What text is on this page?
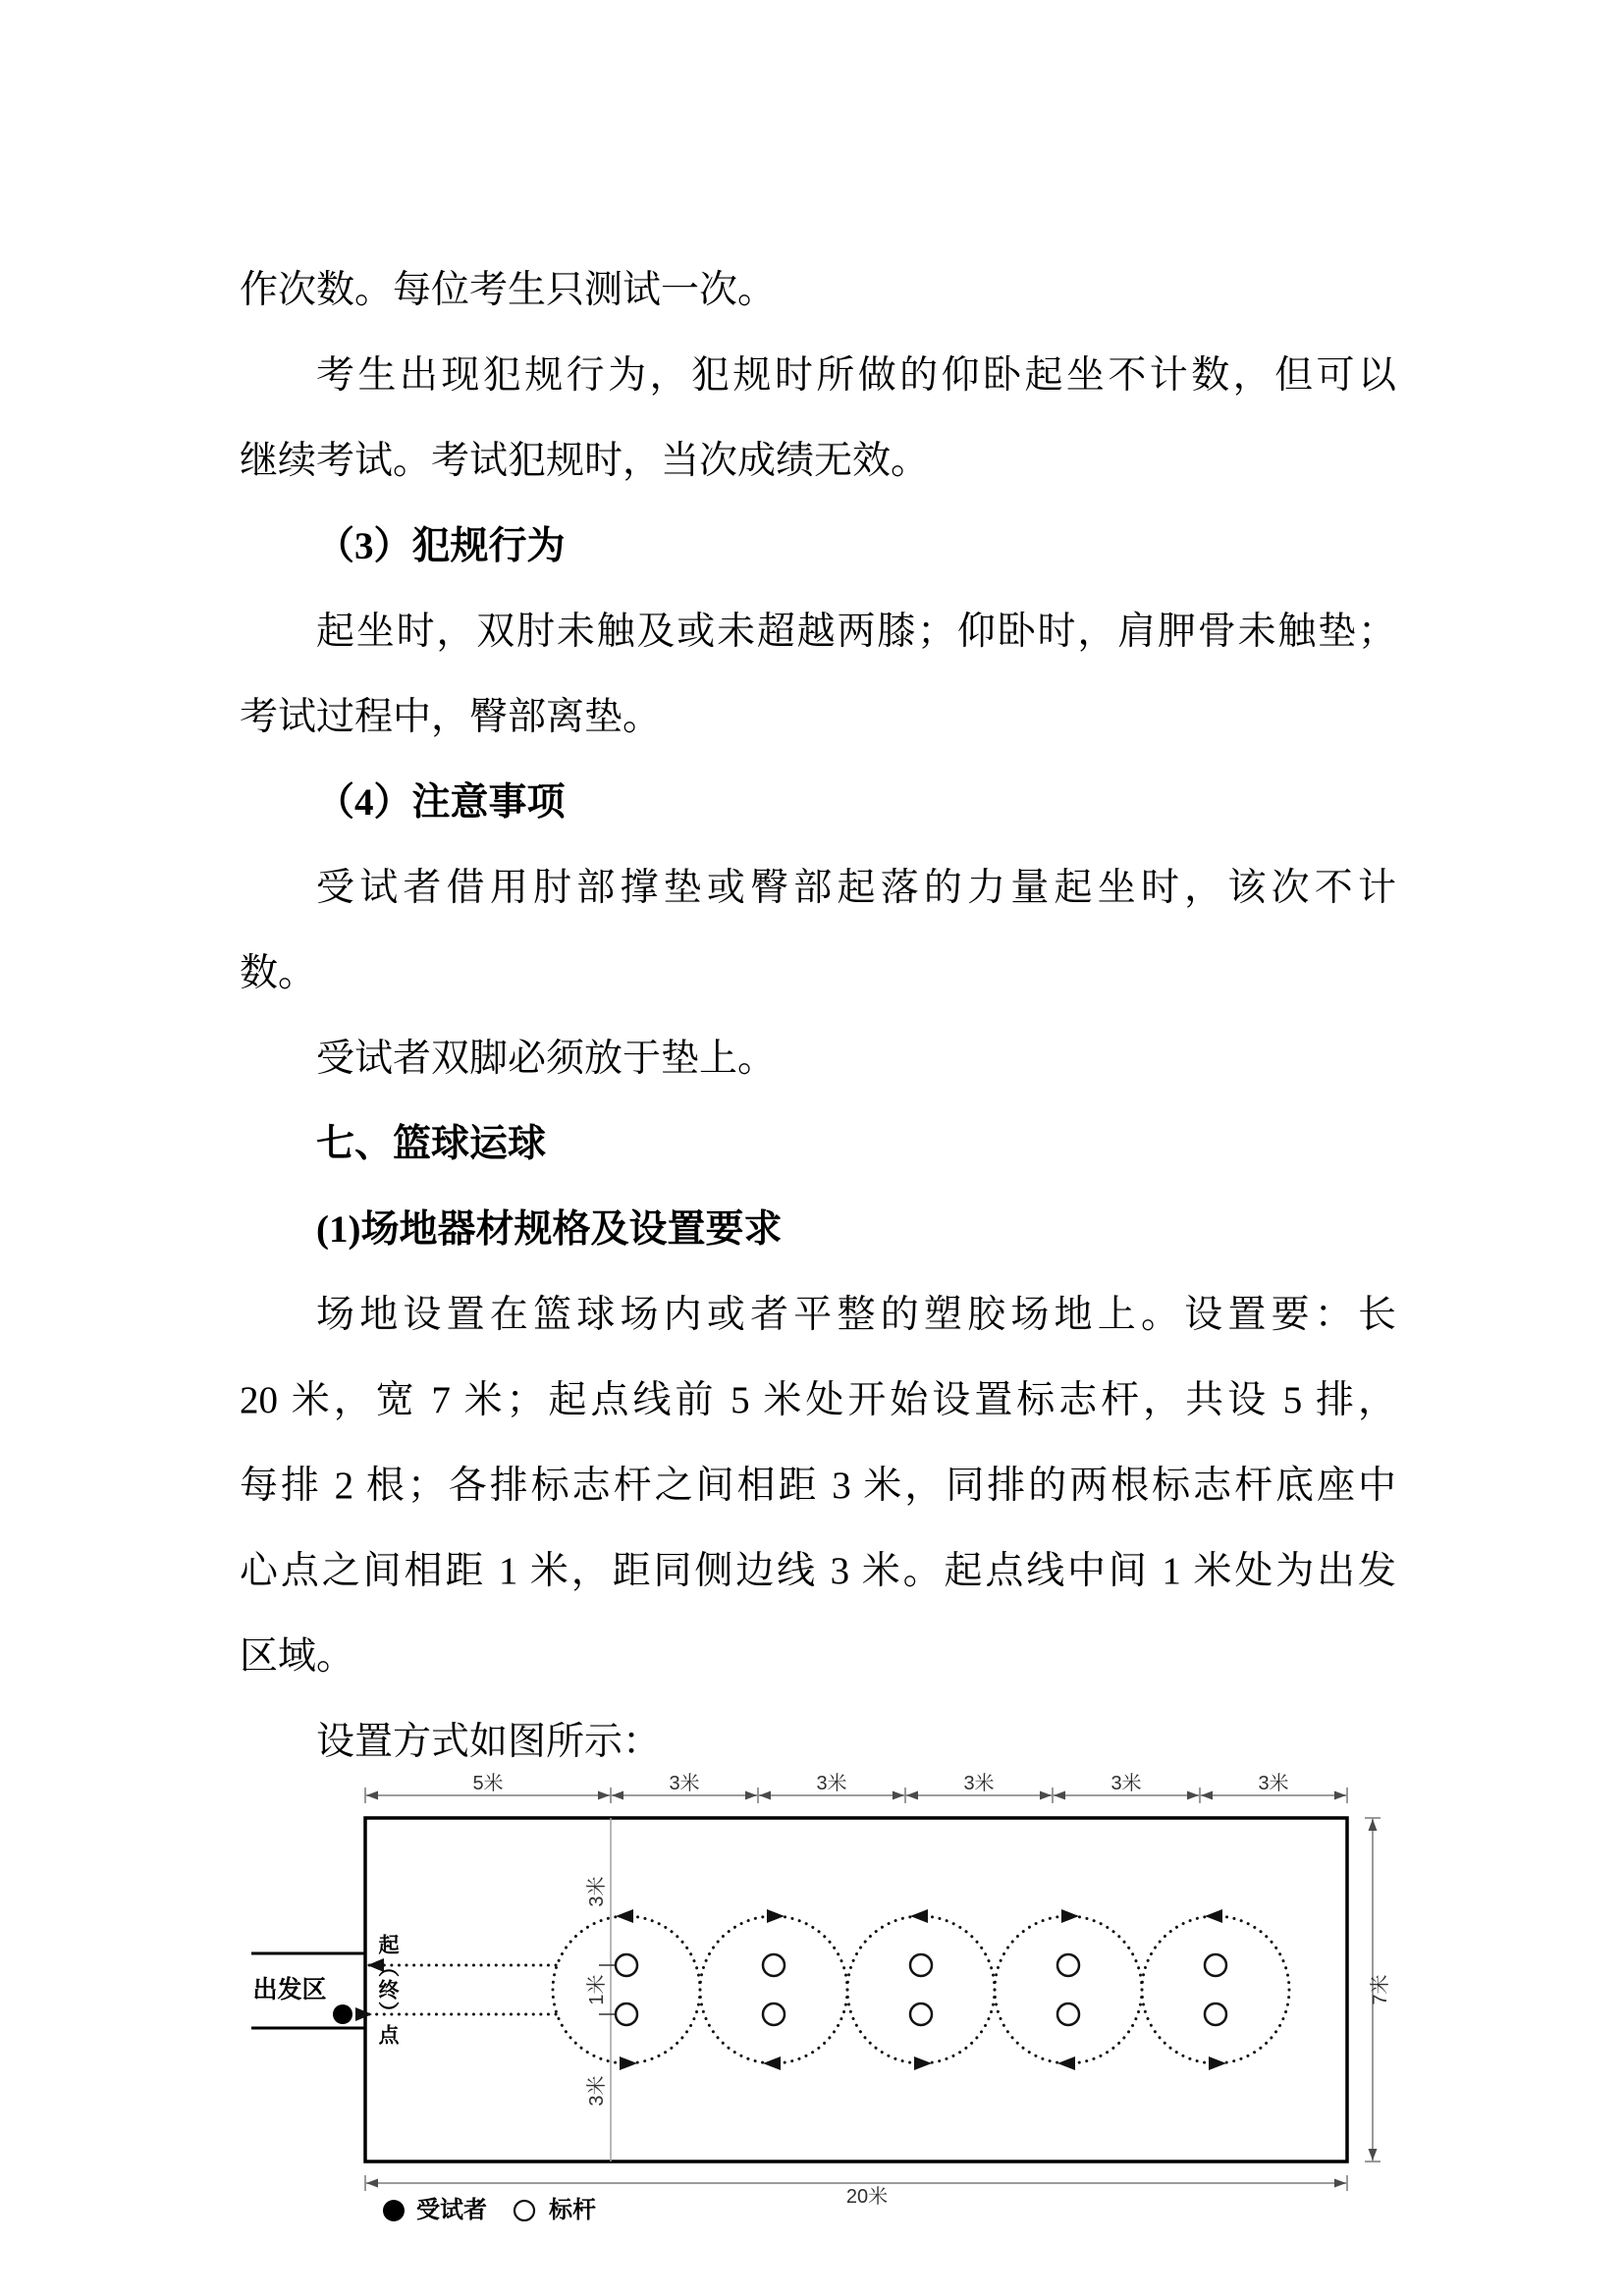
作次数。每位考生只测试一次。
考生出现犯规行为，犯规时所做的仰卧起坐不计数，但可以
继续考试。考试犯规时，当次成绩无效。
（3）犯规行为
起坐时，双肘未触及或未超越两膝；仰卧时，肩胛骨未触垫；
考试过程中，臀部离垫。
（4）注意事项
受试者借用肘部撑垫或臀部起落的力量起坐时，该次不计
数。
受试者双脚必须放于垫上。
七、篮球运球
(1)场地器材规格及设置要求
场地设置在篮球场内或者平整的塑胶场地上。设置要：长
20 米，宽 7 米；起点线前 5 米处开始设置标志杆，共设 5 排，
每排 2 根；各排标志杆之间相距 3 米，同排的两根标志杆底座中
心点之间相距 1 米，距同侧边线 3 米。起点线中间 1 米处为出发
区域。
设置方式如图所示：
5米	3米	3米	3米	3米	3米
3米
1米
3米
7米
20米
出发区 起（终）点
受试者	标杆
